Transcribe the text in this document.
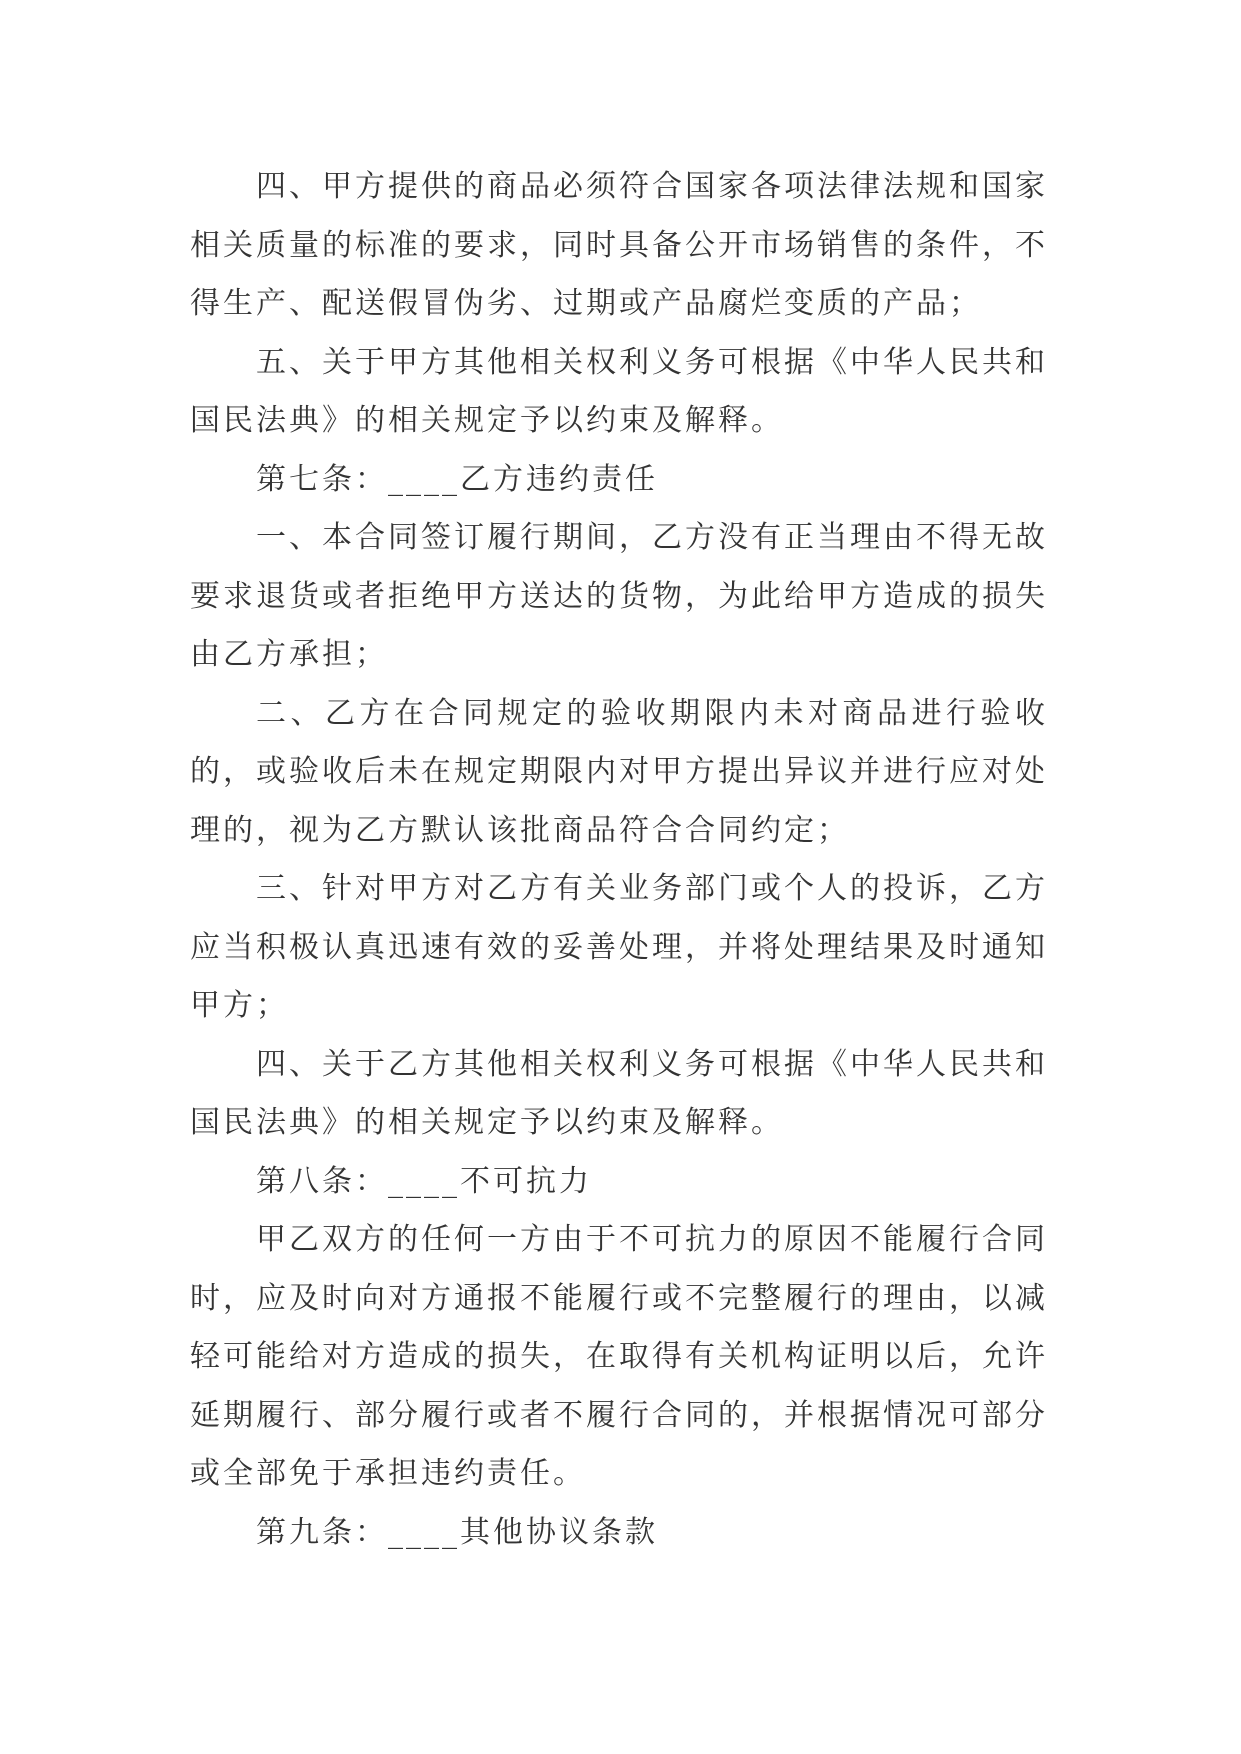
四、甲方提供的商品必须符合国家各项法律法规和国家相关质量的标准的要求，同时具备公开市场销售的条件，不得生产、配送假冒伪劣、过期或产品腐烂变质的产品；

五、关于甲方其他相关权利义务可根据《中华人民共和国民法典》的相关规定予以约束及解释。

第七条：____乙方违约责任

一、本合同签订履行期间，乙方没有正当理由不得无故要求退货或者拒绝甲方送达的货物，为此给甲方造成的损失由乙方承担；

二、乙方在合同规定的验收期限内未对商品进行验收的，或验收后未在规定期限内对甲方提出异议并进行应对处理的，视为乙方默认该批商品符合合同约定；

三、针对甲方对乙方有关业务部门或个人的投诉，乙方应当积极认真迅速有效的妥善处理，并将处理结果及时通知甲方；

四、关于乙方其他相关权利义务可根据《中华人民共和国民法典》的相关规定予以约束及解释。

第八条：____不可抗力

甲乙双方的任何一方由于不可抗力的原因不能履行合同时，应及时向对方通报不能履行或不完整履行的理由，以减轻可能给对方造成的损失，在取得有关机构证明以后，允许延期履行、部分履行或者不履行合同的，并根据情况可部分或全部免于承担违约责任。

第九条：____其他协议条款
